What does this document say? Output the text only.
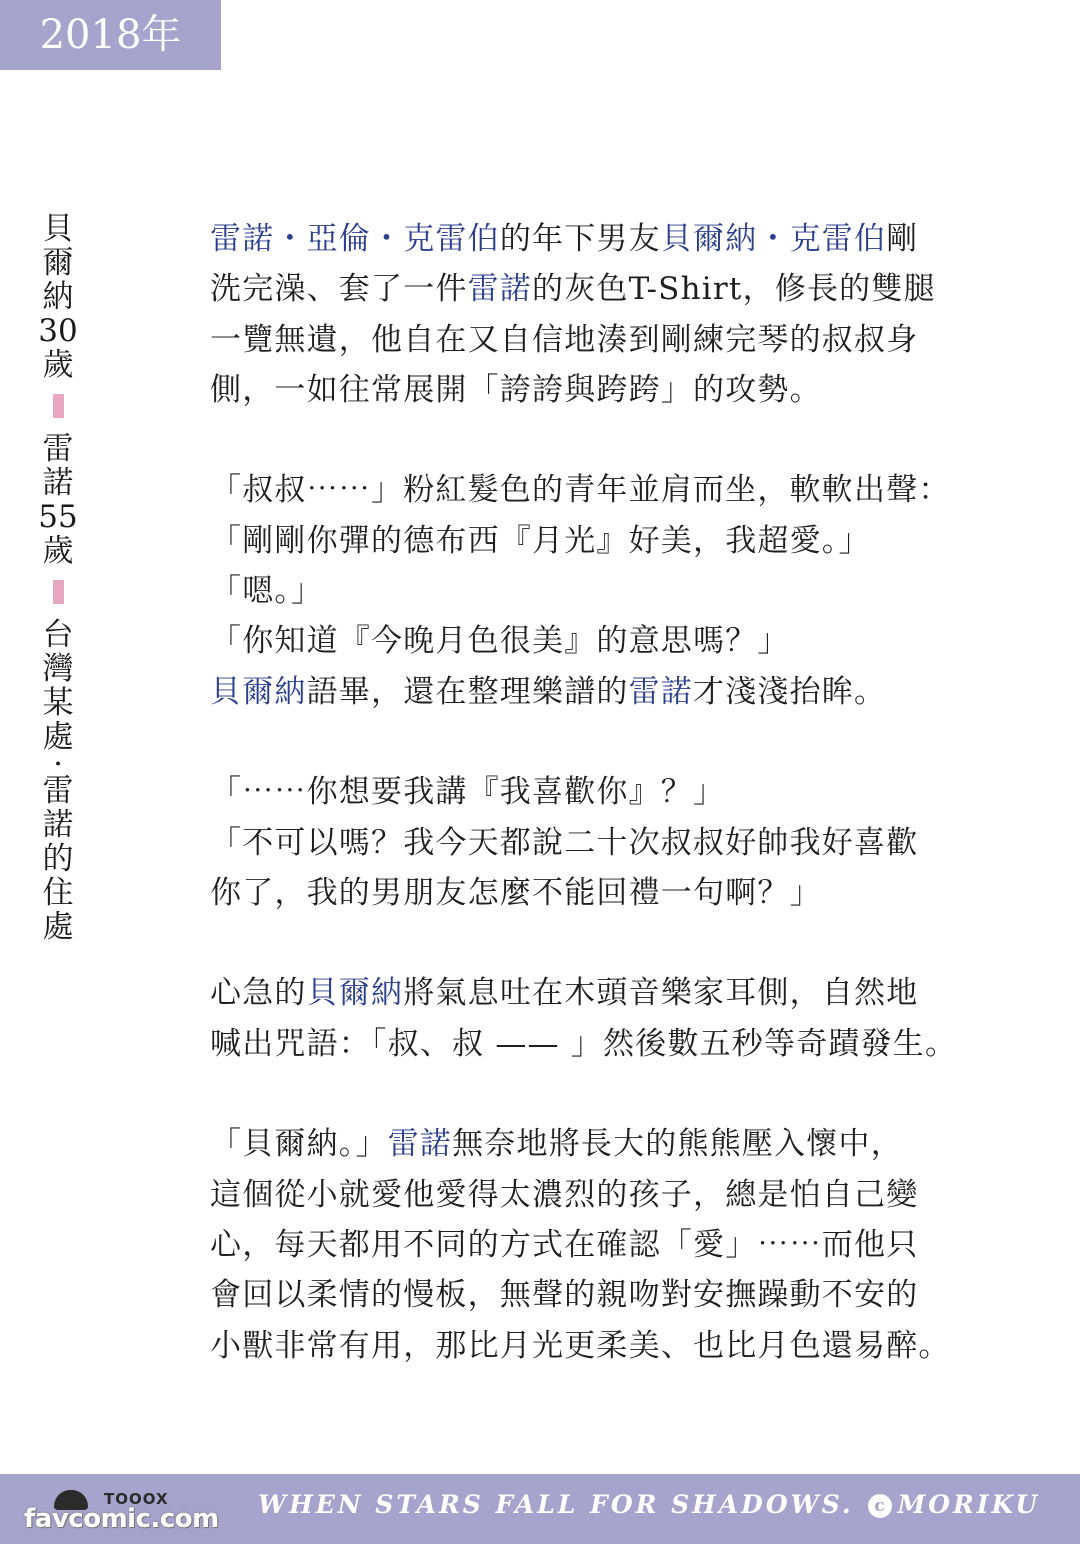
2018年
貝爾納30歲
雷諾55歲
台灣某處
·
雷諾的住處
雷諾・亞倫・克雷伯的年下男友貝爾納・克雷伯剛
洗完澡、套了一件雷諾的灰色T-Shirt，修長的雙腿
一覽無遺，他自在又自信地湊到剛練完琴的叔叔身
側，一如往常展開「誇誇與跨跨」的攻勢。
「叔叔⋯⋯」粉紅髮色的青年並肩而坐，軟軟出聲：
「剛剛你彈的德布西『月光』好美，我超愛。」
「嗯。」
「你知道『今晚月色很美』的意思嗎？」
貝爾納語畢，還在整理樂譜的雷諾才淺淺抬眸。
「⋯⋯你想要我講『我喜歡你』？」
「不可以嗎？我今天都說二十次叔叔好帥我好喜歡
你了，我的男朋友怎麼不能回禮一句啊？」
心急的貝爾納將氣息吐在木頭音樂家耳側，自然地
喊出咒語：「叔、叔 —— 」然後數五秒等奇蹟發生。
「貝爾納。」雷諾無奈地將長大的熊熊壓入懷中，
這個從小就愛他愛得太濃烈的孩子，總是怕自己變
心，每天都用不同的方式在確認「愛」⋯⋯而他只
會回以柔情的慢板，無聲的親吻對安撫躁動不安的
小獸非常有用，那比月光更柔美、也比月色還易醉。
TOOOX
favcomic.com WHEN STARS FALL FOR SHADOWS. c MORIKU
